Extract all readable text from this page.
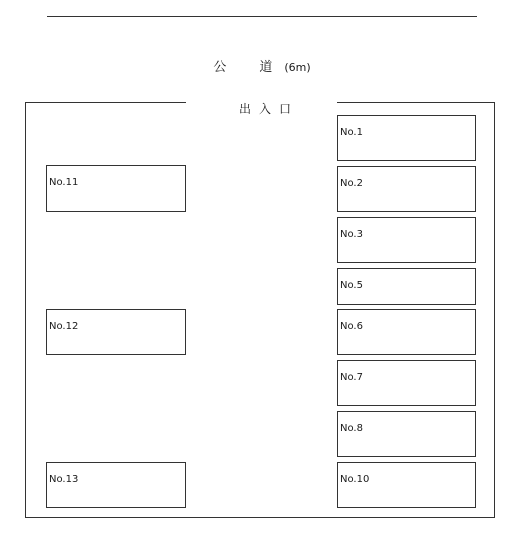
公　道 (6m)
出入口
No.1
No.2
No.3
No.5
No.6
No.7
No.8
No.10
No.11
No.12
No.13
